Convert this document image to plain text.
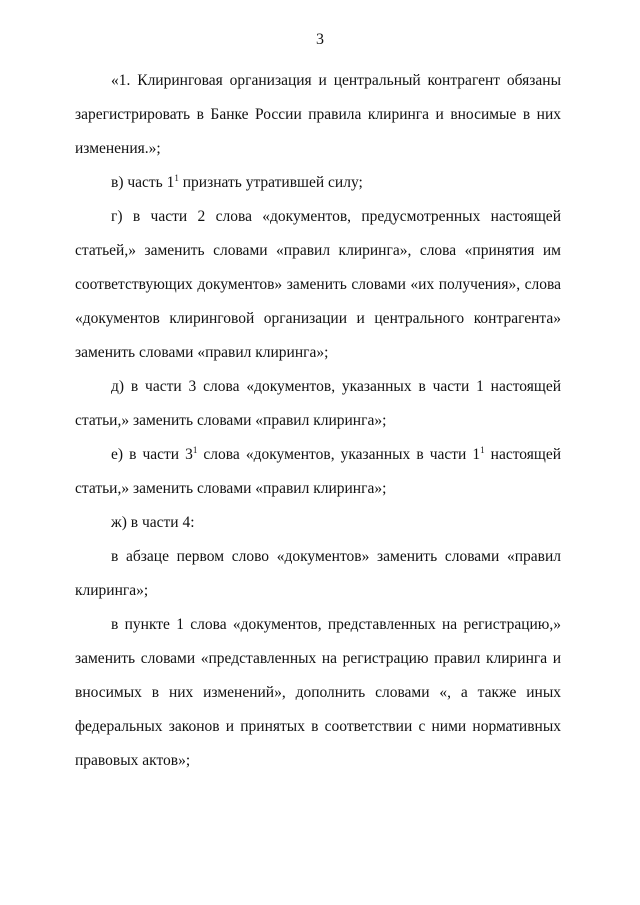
3

«1. Клиринговая организация и центральный контрагент обязаны зарегистрировать в Банке России правила клиринга и вносимые в них изменения.»;

в) часть $1^1$ признать утратившей силу;

г) в части 2 слова «документов, предусмотренных настоящей статьей,» заменить словами «правил клиринга», слова «принятия им соответствующих документов» заменить словами «их получения», слова «документов клиринговой организации и центрального контрагента» заменить словами «правил клиринга»;

д) в части 3 слова «документов, указанных в части 1 настоящей статьи,» заменить словами «правил клиринга»;

е) в части $3^1$ слова «документов, указанных в части $1^1$ настоящей статьи,» заменить словами «правил клиринга»;

ж) в части 4:

в абзаце первом слово «документов» заменить словами «правил клиринга»;

в пункте 1 слова «документов, представленных на регистрацию,» заменить словами «представленных на регистрацию правил клиринга и вносимых в них изменений», дополнить словами «, а также иных федеральных законов и принятых в соответствии с ними нормативных правовых актов»;
